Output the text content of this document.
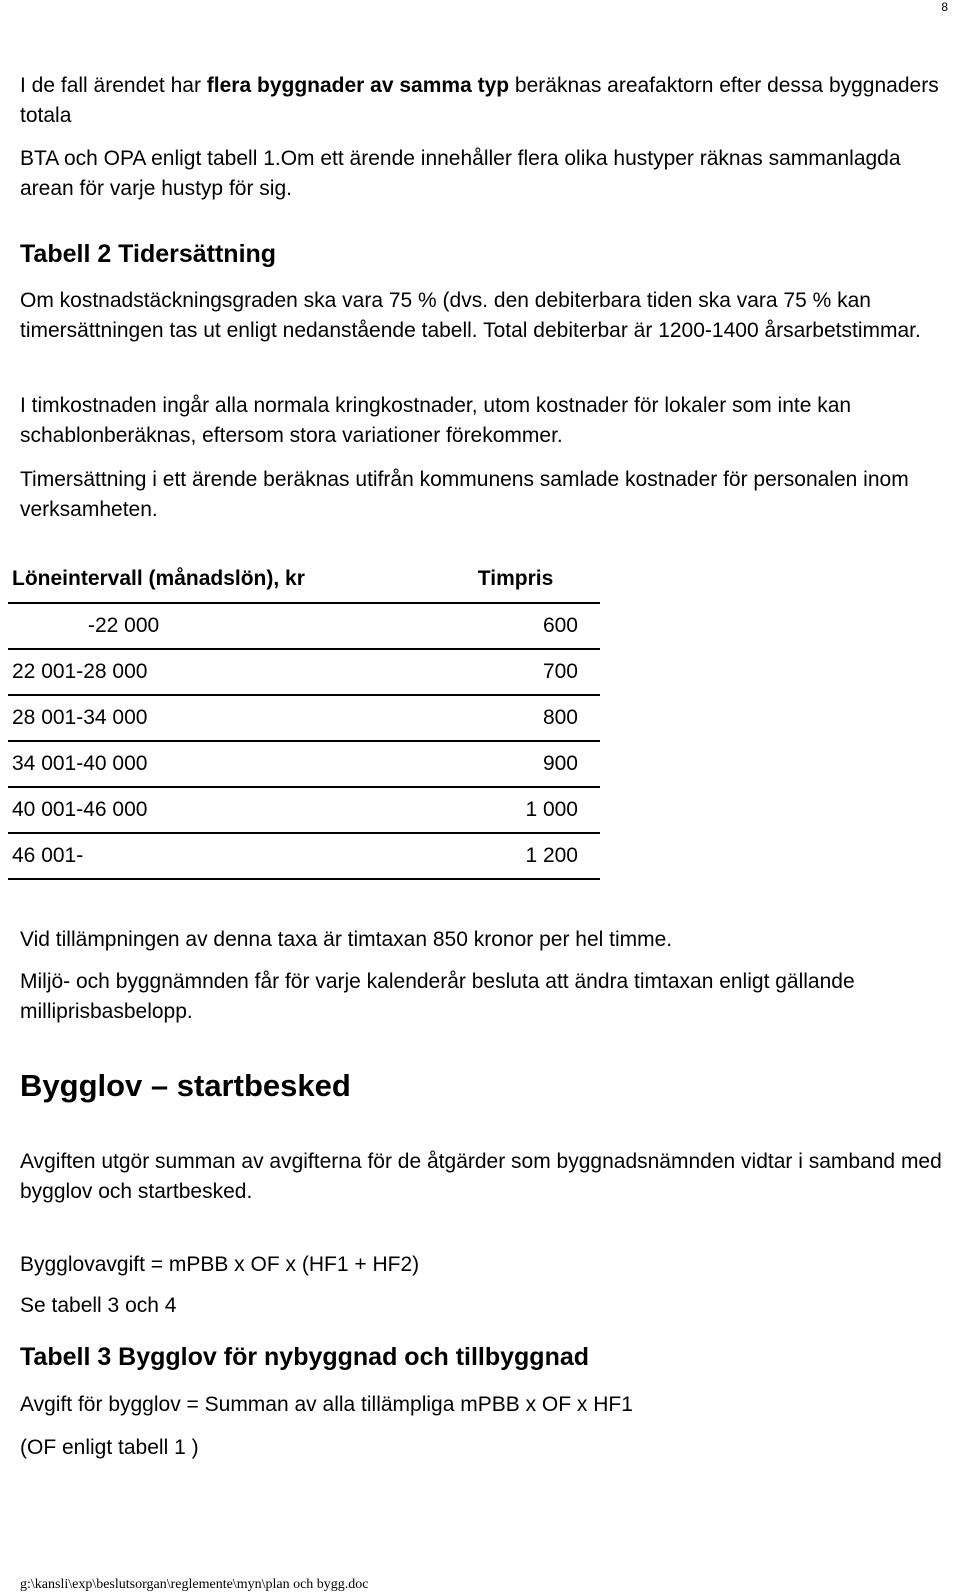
8

I de fall ärendet har flera byggnader av samma typ beräknas areafaktorn efter dessa byggnaders totala

BTA och OPA enligt tabell 1.Om ett ärende innehåller flera olika hustyper räknas sammanlagda arean för varje hustyp för sig.

Tabell 2 Tidersättning

Om kostnadstäckningsgraden ska vara 75 % (dvs. den debiterbara tiden ska vara 75 % kan timersättningen tas ut enligt nedanstående tabell. Total debiterbar är 1200-1400 årsarbetstimmar.

I timkostnaden ingår alla normala kringkostnader, utom kostnader för lokaler som inte kan schablonberäknas, eftersom stora variationer förekommer.

Timersättning i ett ärende beräknas utifrån kommunens samlade kostnader för personalen inom verksamheten.

Löneintervall (månadslön), kr	Timpris
-22 000	600
22 001-28 000	700
28 001-34 000	800
34 001-40 000	900
40 001-46 000	1 000
46 001-	1 200

Vid tillämpningen av denna taxa är timtaxan 850 kronor per hel timme.

Miljö- och byggnämnden får för varje kalenderår besluta att ändra timtaxan enligt gällande milliprisbasbelopp.

Bygglov – startbesked

Avgiften utgör summan av avgifterna för de åtgärder som byggnadsnämnden vidtar i samband med bygglov och startbesked.

Bygglovavgift = mPBB x OF x (HF1 + HF2)

Se tabell 3 och 4

Tabell 3 Bygglov för nybyggnad och tillbyggnad

Avgift för bygglov = Summan av alla tillämpliga mPBB x OF x HF1

(OF enligt tabell 1 )

g:\kansli\exp\beslutsorgan\reglemente\myn\plan och bygg.doc
